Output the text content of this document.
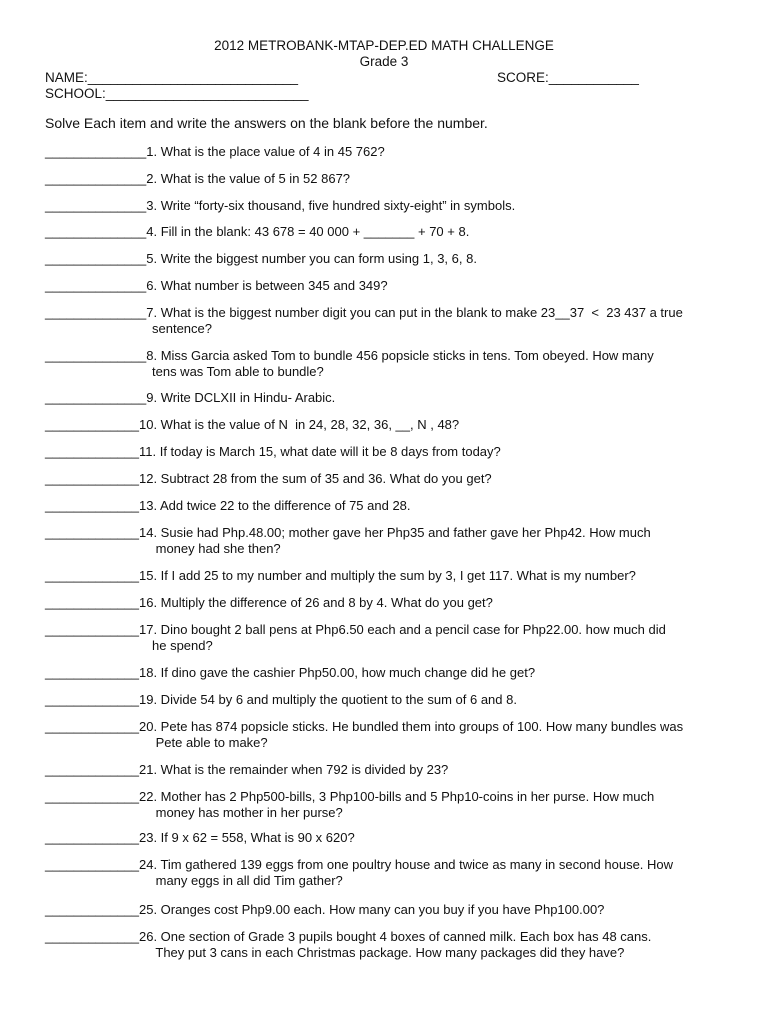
2012 METROBANK-MTAP-DEP.ED MATH CHALLENGE
Grade 3
NAME:____________________________	SCORE:____________
SCHOOL:___________________________
Solve Each item and write the answers on the blank before the number.
______________1. What is the place value of 4 in 45 762?
______________2. What is the value of 5 in 52 867?
______________3. Write “forty-six thousand, five hundred sixty-eight” in symbols.
______________4. Fill in the blank: 43 678 = 40 000 + _______ + 70 + 8.
______________5. Write the biggest number you can form using 1, 3, 6, 8.
______________6. What number is between 345 and 349?
______________7. What is the biggest number digit you can put in the blank to make 23__37  <  23 437 a true
sentence?
______________8. Miss Garcia asked Tom to bundle 456 popsicle sticks in tens. Tom obeyed. How many
tens was Tom able to bundle?
______________9. Write DCLXII in Hindu- Arabic.
_____________10. What is the value of N  in 24, 28, 32, 36, __, N , 48?
_____________11. If today is March 15, what date will it be 8 days from today?
_____________12. Subtract 28 from the sum of 35 and 36. What do you get?
_____________13. Add twice 22 to the difference of 75 and 28.
_____________14. Susie had Php.48.00; mother gave her Php35 and father gave her Php42. How much
money had she then?
_____________15. If I add 25 to my number and multiply the sum by 3, I get 117. What is my number?
_____________16. Multiply the difference of 26 and 8 by 4. What do you get?
_____________17. Dino bought 2 ball pens at Php6.50 each and a pencil case for Php22.00. how much did
he spend?
_____________18. If dino gave the cashier Php50.00, how much change did he get?
_____________19. Divide 54 by 6 and multiply the quotient to the sum of 6 and 8.
_____________20. Pete has 874 popsicle sticks. He bundled them into groups of 100. How many bundles was
Pete able to make?
_____________21. What is the remainder when 792 is divided by 23?
_____________22. Mother has 2 Php500-bills, 3 Php100-bills and 5 Php10-coins in her purse. How much
money has mother in her purse?
_____________23. If 9 x 62 = 558, What is 90 x 620?
_____________24. Tim gathered 139 eggs from one poultry house and twice as many in second house. How
many eggs in all did Tim gather?
_____________25. Oranges cost Php9.00 each. How many can you buy if you have Php100.00?
_____________26. One section of Grade 3 pupils bought 4 boxes of canned milk. Each box has 48 cans.
They put 3 cans in each Christmas package. How many packages did they have?
